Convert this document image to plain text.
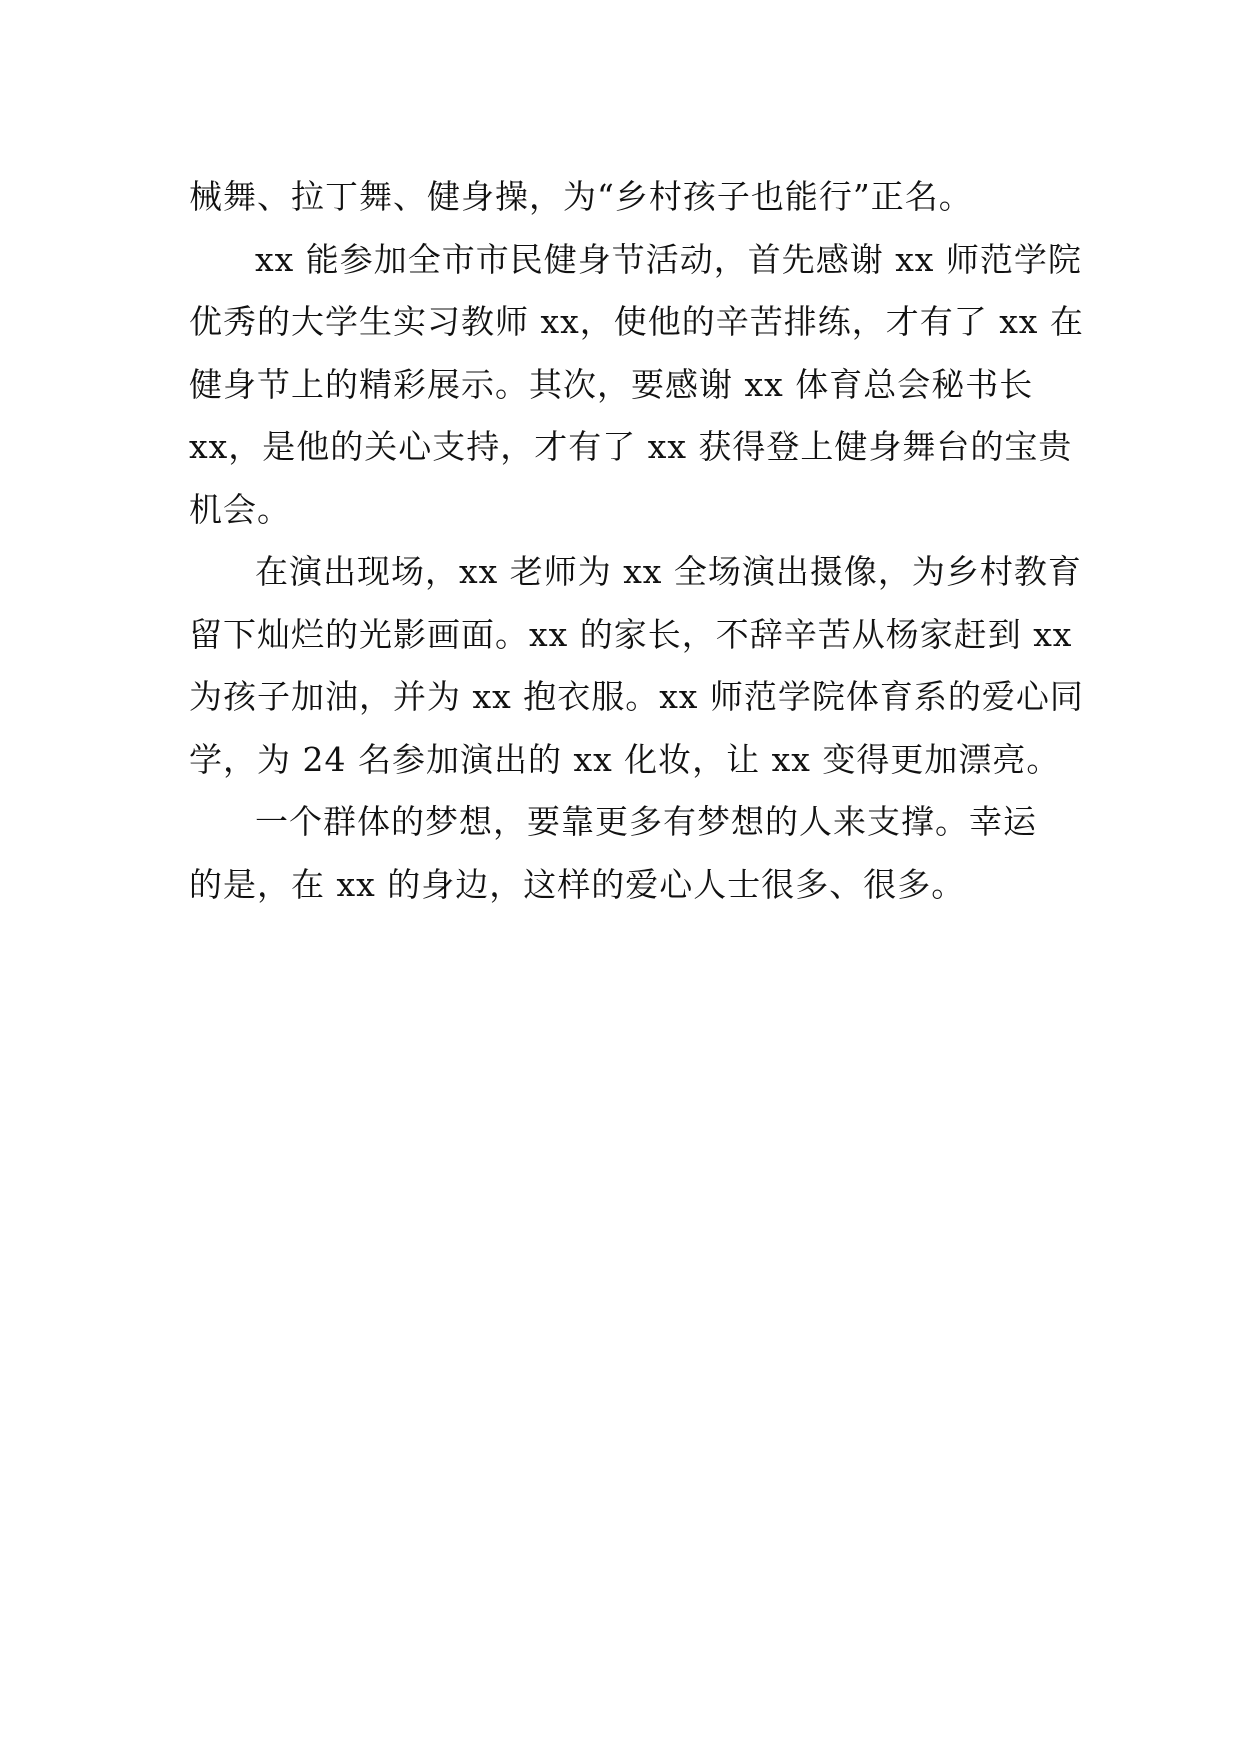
械舞、拉丁舞、健身操，为“乡村孩子也能行”正名。

xx 能参加全市市民健身节活动，首先感谢 xx 师范学院
优秀的大学生实习教师 xx，使他的辛苦排练，才有了 xx 在
健身节上的精彩展示。其次，要感谢 xx 体育总会秘书长
xx，是他的关心支持，才有了 xx 获得登上健身舞台的宝贵
机会。

在演出现场，xx 老师为 xx 全场演出摄像，为乡村教育
留下灿烂的光影画面。xx 的家长，不辞辛苦从杨家赶到 xx
为孩子加油，并为 xx 抱衣服。xx 师范学院体育系的爱心同
学，为 24 名参加演出的 xx 化妆，让 xx 变得更加漂亮。

一个群体的梦想，要靠更多有梦想的人来支撑。幸运
的是，在 xx 的身边，这样的爱心人士很多、很多。
